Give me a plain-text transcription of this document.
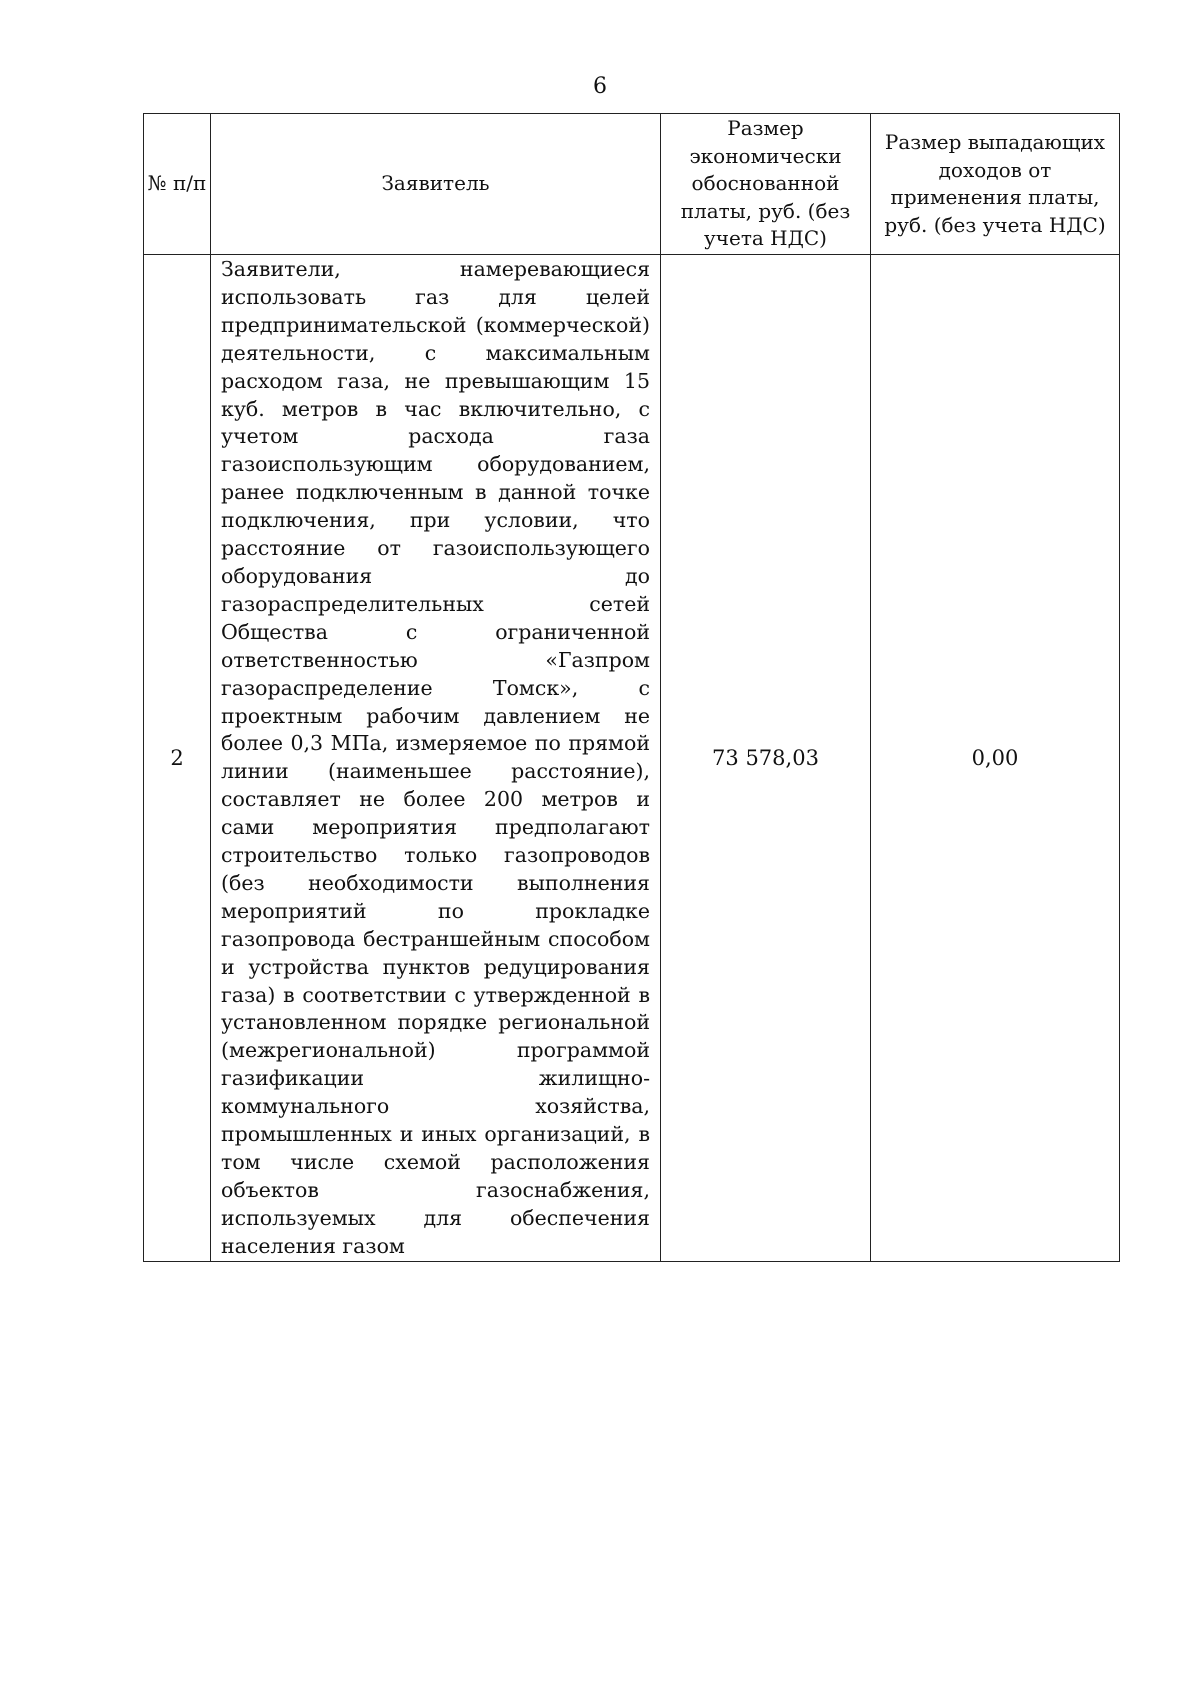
6
№ п/п	Заявитель	Размер экономически обоснованной платы, руб. (без учета НДС)	Размер выпадающих доходов от применения платы, руб. (без учета НДС)

2	Заявители, намеревающиеся использовать газ для целей предпринимательской (коммерческой) деятельности, с максимальным расходом газа, не превышающим 15 куб. метров в час включительно, с учетом расхода газа газоиспользующим оборудованием, ранее подключенным в данной точке подключения, при условии, что расстояние от газоиспользующего оборудования до газораспределительных сетей Общества с ограниченной ответственностью «Газпром газораспределение Томск», с проектным рабочим давлением не более 0,3 МПа, измеряемое по прямой линии (наименьшее расстояние), составляет не более 200 метров и сами мероприятия предполагают строительство только газопроводов (без необходимости выполнения мероприятий по прокладке газопровода бестраншейным способом и устройства пунктов редуцирования газа) в соответствии с утвержденной в установленном порядке региональной (межрегиональной) программой газификации жилищно-коммунального хозяйства, промышленных и иных организаций, в том числе схемой расположения объектов газоснабжения, используемых для обеспечения населения газом	73 578,03	0,00
